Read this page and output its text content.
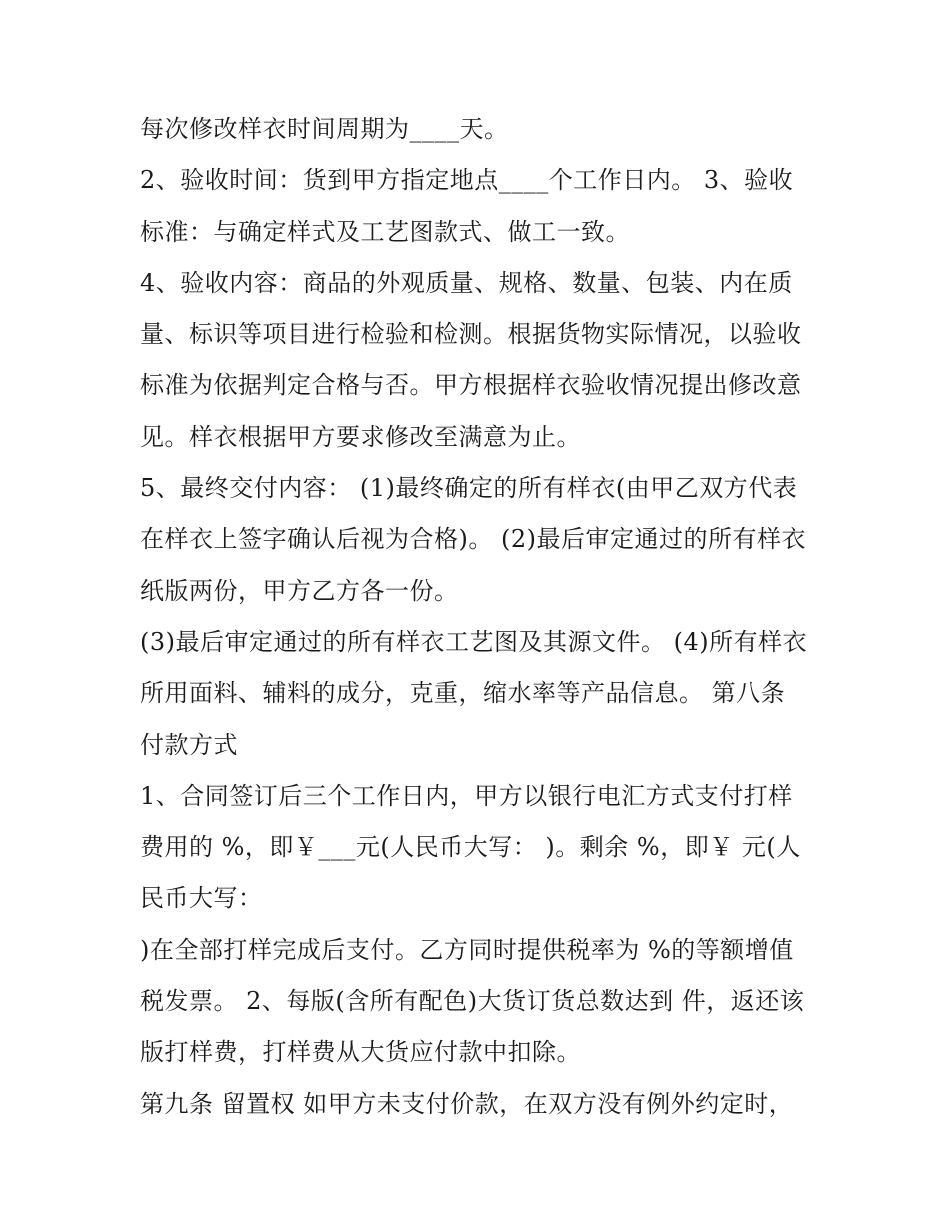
每次修改样衣时间周期为____天。
2、验收时间：货到甲方指定地点____个工作日内。 3、验收
标准：与确定样式及工艺图款式、做工一致。
4、验收内容：商品的外观质量、规格、数量、包装、内在质
量、标识等项目进行检验和检测。根据货物实际情况，以验收
标准为依据判定合格与否。甲方根据样衣验收情况提出修改意
见。样衣根据甲方要求修改至满意为止。
5、最终交付内容： (1)最终确定的所有样衣(由甲乙双方代表
在样衣上签字确认后视为合格)。 (2)最后审定通过的所有样衣
纸版两份，甲方乙方各一份。
(3)最后审定通过的所有样衣工艺图及其源文件。 (4)所有样衣
所用面料、辅料的成分，克重，缩水率等产品信息。 第八条
付款方式
1、合同签订后三个工作日内，甲方以银行电汇方式支付打样
费用的 %，即￥___元(人民币大写： )。剩余 %，即￥ 元(人
民币大写：
)在全部打样完成后支付。乙方同时提供税率为 %的等额增值
税发票。 2、每版(含所有配色)大货订货总数达到 件，返还该
版打样费，打样费从大货应付款中扣除。
第九条 留置权 如甲方未支付价款，在双方没有例外约定时，
